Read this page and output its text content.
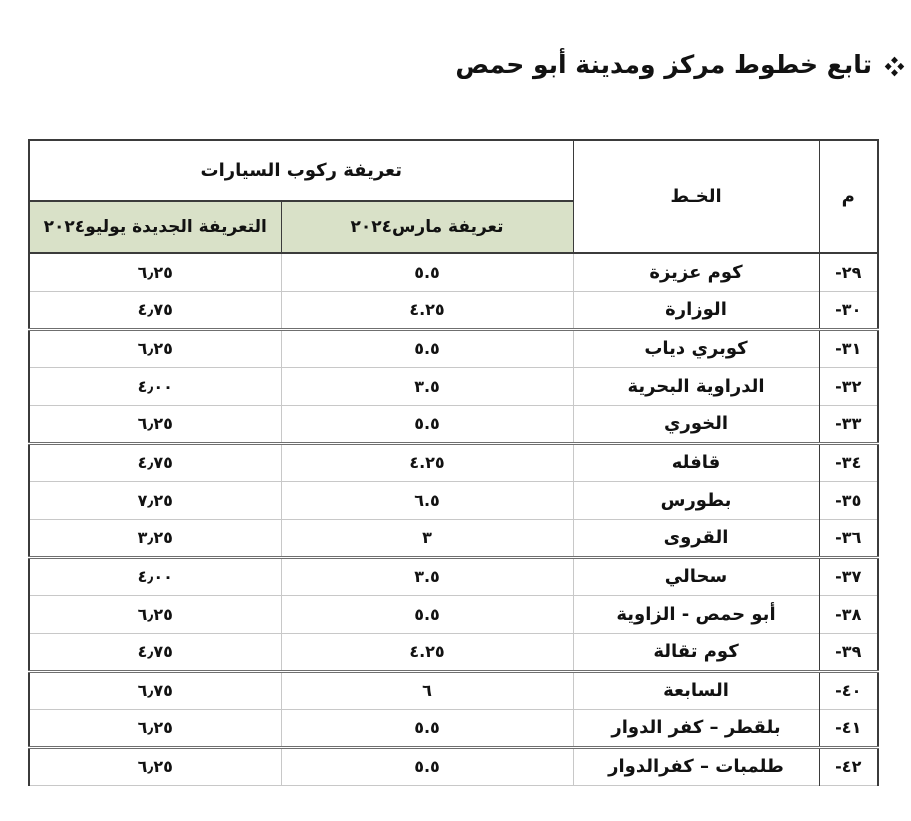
تابع خطوط مركز ومدينة أبو حمص
م	الخـط	تعريفة ركوب السيارات	
		تعريفة مارس٢٠٢٤	التعريفة الجديدة يوليو٢٠٢٤
٢٩-	كوم عزيزة	٥.٥	٦٫٢٥
٣٠-	الوزارة	٤.٢٥	٤٫٧٥
٣١-	كوبري دياب	٥.٥	٦٫٢٥
٣٢-	الدراوية البحرية	٣.٥	٤٫٠٠
٣٣-	الخوري	٥.٥	٦٫٢٥
٣٤-	قافله	٤.٢٥	٤٫٧٥
٣٥-	بطورس	٦.٥	٧٫٢٥
٣٦-	القروى	٣	٣٫٢٥
٣٧-	سحالي	٣.٥	٤٫٠٠
٣٨-	أبو حمص - الزاوية	٥.٥	٦٫٢٥
٣٩-	كوم تقالة	٤.٢٥	٤٫٧٥
٤٠-	السابعة	٦	٦٫٧٥
٤١-	بلقطر – كفر الدوار	٥.٥	٦٫٢٥
٤٢-	طلمبات – كفرالدوار	٥.٥	٦٫٢٥
